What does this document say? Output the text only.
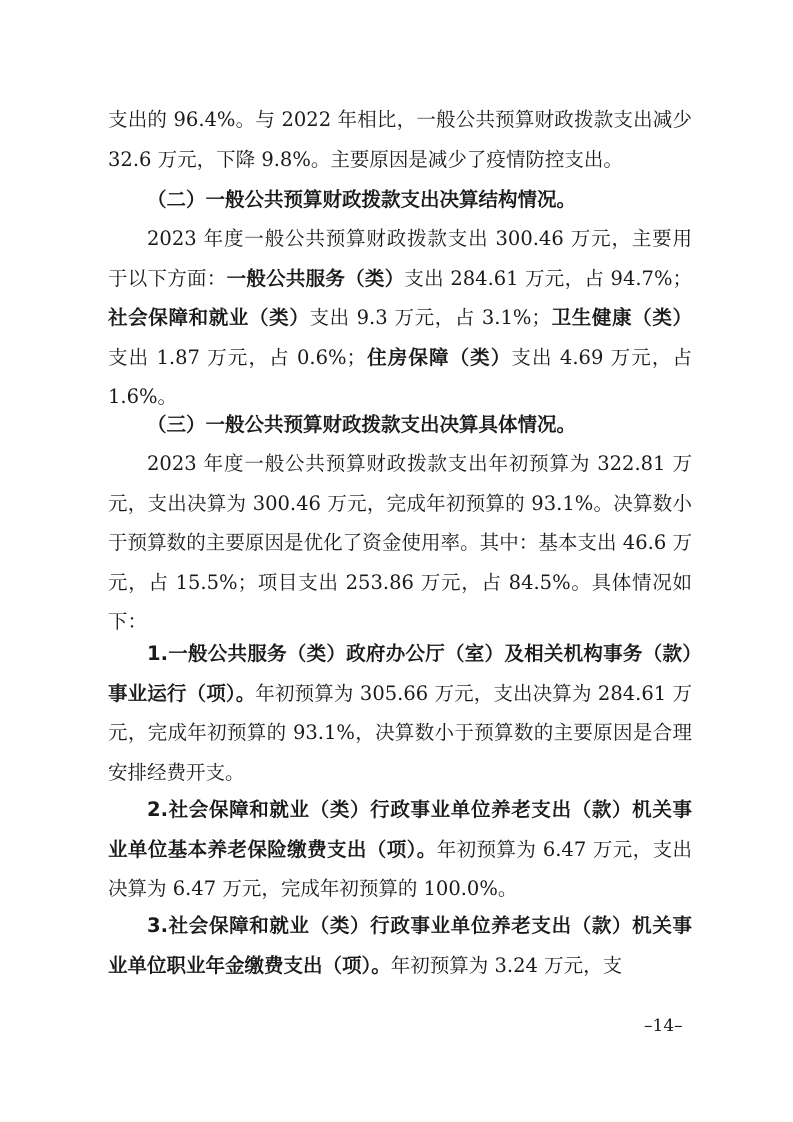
支出的 96.4%。与 2022 年相比，一般公共预算财政拨款支出减少 32.6 万元，下降 9.8%。主要原因是减少了疫情防控支出。

（二）一般公共预算财政拨款支出决算结构情况。

2023 年度一般公共预算财政拨款支出 300.46 万元，主要用于以下方面：一般公共服务（类）支出 284.61 万元，占 94.7%；社会保障和就业（类）支出 9.3 万元，占 3.1%；卫生健康（类）支出 1.87 万元，占 0.6%；住房保障（类）支出 4.69 万元，占 1.6%。

（三）一般公共预算财政拨款支出决算具体情况。

2023 年度一般公共预算财政拨款支出年初预算为 322.81 万元，支出决算为 300.46 万元，完成年初预算的 93.1%。决算数小于预算数的主要原因是优化了资金使用率。其中：基本支出 46.6 万元，占 15.5%；项目支出 253.86 万元，占 84.5%。具体情况如下：

1.一般公共服务（类）政府办公厅（室）及相关机构事务（款）事业运行（项）。年初预算为 305.66 万元，支出决算为 284.61 万元，完成年初预算的 93.1%，决算数小于预算数的主要原因是合理安排经费开支。

2.社会保障和就业（类）行政事业单位养老支出（款）机关事业单位基本养老保险缴费支出（项）。年初预算为 6.47 万元，支出决算为 6.47 万元，完成年初预算的 100.0%。

3.社会保障和就业（类）行政事业单位养老支出（款）机关事业单位职业年金缴费支出（项）。年初预算为 3.24 万元，支

–14–
